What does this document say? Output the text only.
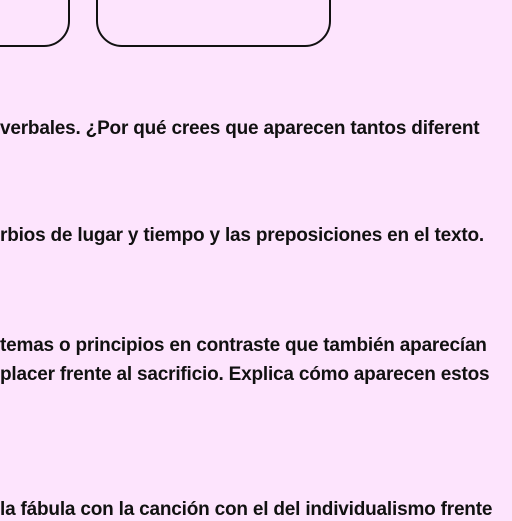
verbales. ¿Por qué crees que aparecen tantos diferent
rbios de lugar y tiempo y las preposiciones en el texto.
temas o principios en contraste que también aparecían
placer frente al sacrificio. Explica cómo aparecen estos
la fábula con la canción con el del individualismo frente
